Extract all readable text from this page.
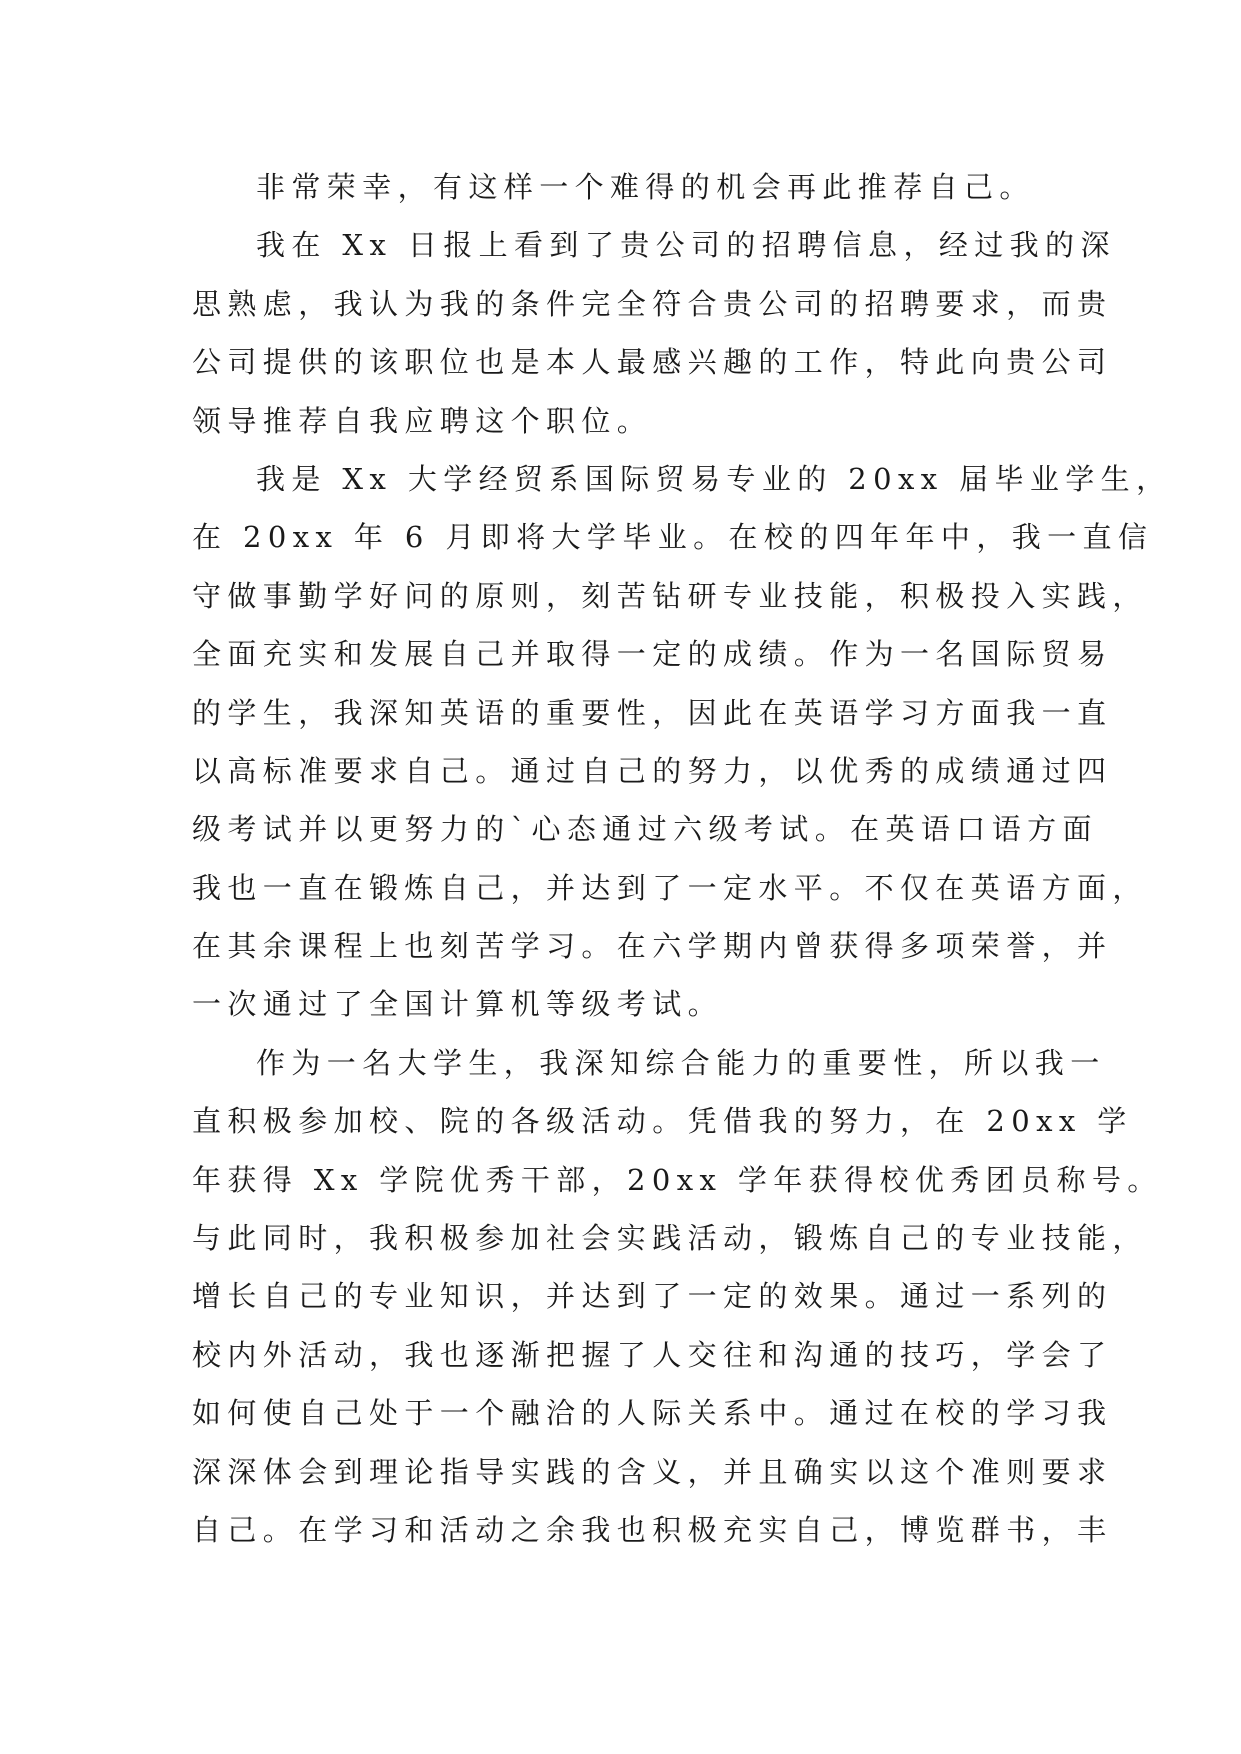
非常荣幸，有这样一个难得的机会再此推荐自己。
我在 Xx 日报上看到了贵公司的招聘信息，经过我的深
思熟虑，我认为我的条件完全符合贵公司的招聘要求，而贵
公司提供的该职位也是本人最感兴趣的工作，特此向贵公司
领导推荐自我应聘这个职位。
我是 Xx 大学经贸系国际贸易专业的 20xx 届毕业学生，
在 20xx 年 6 月即将大学毕业。在校的四年年中，我一直信
守做事勤学好问的原则，刻苦钻研专业技能，积极投入实践，
全面充实和发展自己并取得一定的成绩。作为一名国际贸易
的学生，我深知英语的重要性，因此在英语学习方面我一直
以高标准要求自己。通过自己的努力，以优秀的成绩通过四
级考试并以更努力的`心态通过六级考试。在英语口语方面
我也一直在锻炼自己，并达到了一定水平。不仅在英语方面，
在其余课程上也刻苦学习。在六学期内曾获得多项荣誉，并
一次通过了全国计算机等级考试。
作为一名大学生，我深知综合能力的重要性，所以我一
直积极参加校、院的各级活动。凭借我的努力，在 20xx 学
年获得 Xx 学院优秀干部，20xx 学年获得校优秀团员称号。
与此同时，我积极参加社会实践活动，锻炼自己的专业技能，
增长自己的专业知识，并达到了一定的效果。通过一系列的
校内外活动，我也逐渐把握了人交往和沟通的技巧，学会了
如何使自己处于一个融洽的人际关系中。通过在校的学习我
深深体会到理论指导实践的含义，并且确实以这个准则要求
自己。在学习和活动之余我也积极充实自己，博览群书，丰
